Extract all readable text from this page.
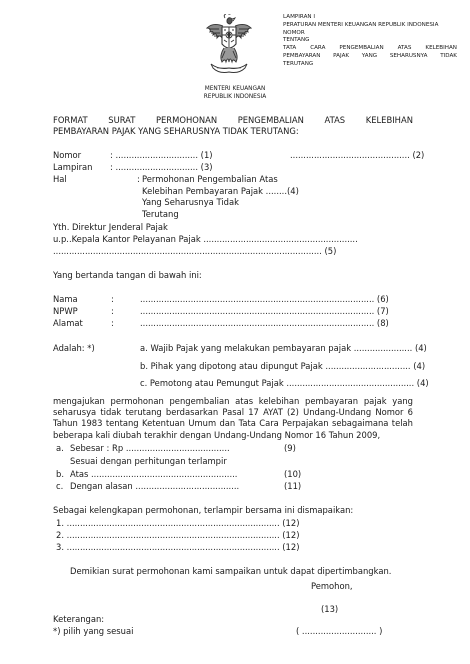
LAMPIRAN I
PERATURAN MENTERI KEUANGAN REPUBLIK INDONESIA
NOMOR
TENTANG
TATA	CARA	PENGEMBALIAN	ATAS	KELEBIHAN
PEMBAYARAN PAJAK YANG SEHARUSNYA TIDAK
TERUTANG
MENTERI KEUANGAN
REPUBLIK INDONESIA
FORMAT SURAT PERMOHONAN PENGEMBALIAN ATAS KELEBIHAN
PEMBAYARAN PAJAK YANG SEHARUSNYA TIDAK TERUTANG:
Nomor	: ............................... (1)	............................................. (2)
Lampiran : ............................... (3)
Hal	: Permohonan Pengembalian Atas
Kelebihan Pembayaran Pajak ........(4)
Yang Seharusnya Tidak Terutang
Yth. Direktur Jenderal Pajak
u.p..Kepala Kantor Pelayanan Pajak ..........................................................
..................................................................................................... (5)
Yang bertanda tangan di bawah ini:
Nama	:	........................................................................................ (6)
NPWP	:	........................................................................................ (7)
Alamat	:	........................................................................................ (8)
Adalah: *)	a. Wajib Pajak yang melakukan pembayaran pajak ...................... (4)
b. Pihak yang dipotong atau dipungut Pajak ................................ (4)
c. Pemotong atau Pemungut Pajak ................................................ (4)
mengajukan permohonan pengembalian atas kelebihan pembayaran pajak yang
seharusya tidak terutang berdasarkan Pasal 17 AYAT (2) Undang-Undang Nomor 6
Tahun 1983 tentang Ketentuan Umum dan Tata Cara Perpajakan sebagaimana telah
beberapa kali diubah terakhir dengan Undang-Undang Nomor 16 Tahun 2009,
a. Sebesar : Rp .......................................	(9)
Sesuai dengan perhitungan terlampir
b. Atas .......................................................	(10)
c. Dengan alasan .......................................	(11)
Sebagai kelengkapan permohonan, terlampir bersama ini dismapaikan:
1. ................................................................................ (12)
2. ................................................................................ (12)
3. ................................................................................ (12)
Demikian surat permohonan kami sampaikan untuk dapat dipertimbangkan.
Pemohon,
(13)
( ............................ )
Keterangan:
*) pilih yang sesuai
